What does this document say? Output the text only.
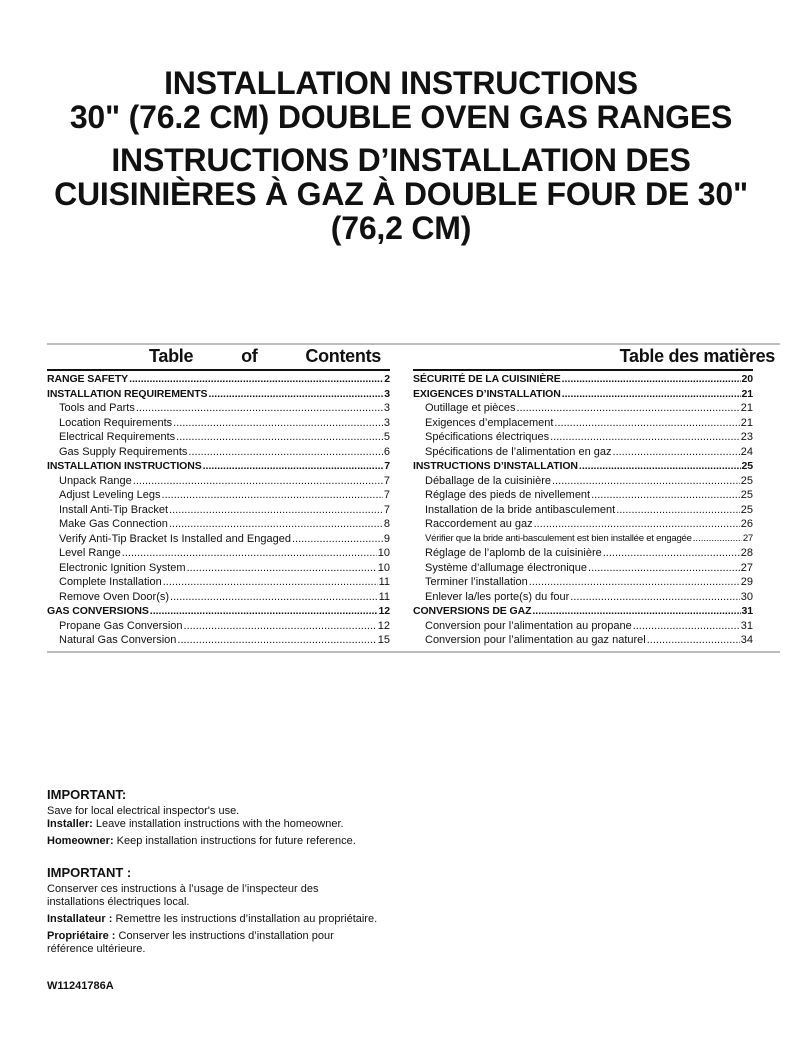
INSTALLATION INSTRUCTIONS
30" (76.2 CM) DOUBLE OVEN GAS RANGES
INSTRUCTIONS D’INSTALLATION DES
CUISINIÈRES À GAZ À DOUBLE FOUR DE 30"
(76,2 CM)
Table	of	Contents
RANGE SAFETY .....	2
INSTALLATION REQUIREMENTS .....	3
Tools and Parts .....	3
Location Requirements .....	3
Electrical Requirements .....	5
Gas Supply Requirements .....	6
INSTALLATION INSTRUCTIONS .....	7
Unpack Range .....	7
Adjust Leveling Legs .....	7
Install Anti-Tip Bracket .....	7
Make Gas Connection .....	8
Verify Anti-Tip Bracket Is Installed and Engaged .....	9
Level Range .....	10
Electronic Ignition System .....	10
Complete Installation .....	11
Remove Oven Door(s) .....	11
GAS CONVERSIONS .....	12
Propane Gas Conversion .....	12
Natural Gas Conversion .....	15
Table des matières
SÉCURITÉ DE LA CUISINIÈRE .....	20
EXIGENCES D’INSTALLATION .....	21
Outillage et pièces .....	21
Exigences d’emplacement .....	21
Spécifications électriques .....	23
Spécifications de l’alimentation en gaz .....	24
INSTRUCTIONS D’INSTALLATION .....	25
Déballage de la cuisinière .....	25
Réglage des pieds de nivellement .....	25
Installation de la bride antibasculement .....	25
Raccordement au gaz .....	26
Vérifier que la bride anti-basculement est bien installée et engagée .....	27
Réglage de l’aplomb de la cuisinière .....	28
Système d’allumage électronique .....	27
Terminer l’installation .....	29
Enlever la/les porte(s) du four .....	30
CONVERSIONS DE GAZ .....	31
Conversion pour l’alimentation au propane .....	31
Conversion pour l’alimentation au gaz naturel .....	34
IMPORTANT:
Save for local electrical inspector's use.
Installer: Leave installation instructions with the homeowner.
Homeowner: Keep installation instructions for future reference.
IMPORTANT :
Conserver ces instructions à l’usage de l’inspecteur des
installations électriques local.
Installateur : Remettre les instructions d’installation au propriétaire.
Propriétaire : Conserver les instructions d’installation pour
référence ultérieure.
W11241786A
